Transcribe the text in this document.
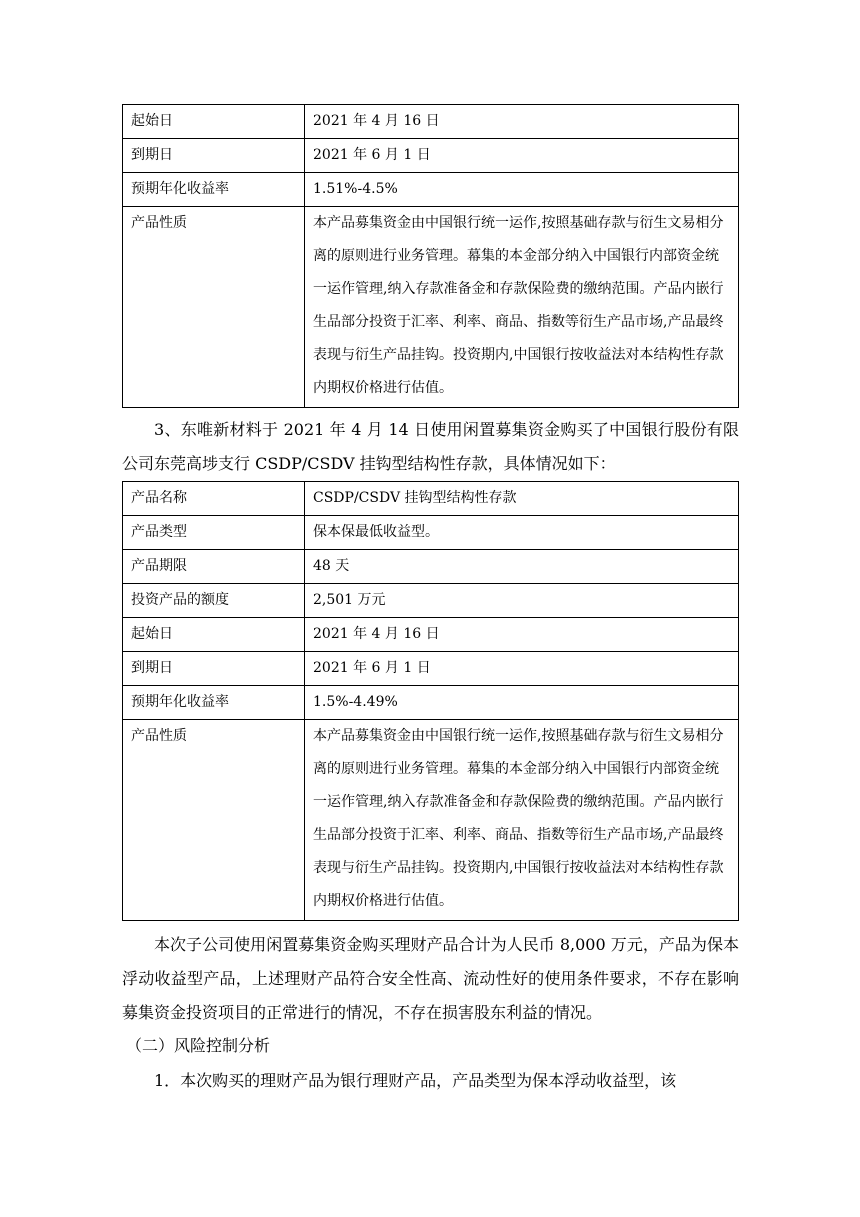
起始日	2021 年 4 月 16 日
到期日	2021 年 6 月 1 日
预期年化收益率	1.51%-4.5%
产品性质	本产品募集资金由中国银行统一运作,按照基础存款与衍生文易相分离的原则进行业务管理。幕集的本金部分纳入中国银行内部资金统一运作管理,纳入存款准备金和存款保险费的缴纳范围。产品内嵌行生品部分投资于汇率、利率、商品、指数等衍生产品市场,产品最终表现与衍生产品挂钩。投资期内,中国银行按收益法对本结构性存款内期权价格进行估值。
3、东唯新材料于 2021 年 4 月 14 日使用闲置募集资金购买了中国银行股份有限公司东莞高埗支行 CSDP/CSDV 挂钩型结构性存款，具体情况如下：
产品名称	CSDP/CSDV 挂钩型结构性存款
产品类型	保本保最低收益型。
产品期限	48 天
投资产品的额度	2,501 万元
起始日	2021 年 4 月 16 日
到期日	2021 年 6 月 1 日
预期年化收益率	1.5%-4.49%
产品性质	本产品募集资金由中国银行统一运作,按照基础存款与衍生文易相分离的原则进行业务管理。幕集的本金部分纳入中国银行内部资金统一运作管理,纳入存款准备金和存款保险费的缴纳范围。产品内嵌行生品部分投资于汇率、利率、商品、指数等衍生产品市场,产品最终表现与衍生产品挂钩。投资期内,中国银行按收益法对本结构性存款内期权价格进行估值。
本次子公司使用闲置募集资金购买理财产品合计为人民币 8,000 万元，产品为保本浮动收益型产品，上述理财产品符合安全性高、流动性好的使用条件要求，不存在影响募集资金投资项目的正常进行的情况，不存在损害股东利益的情况。
（二）风险控制分析
1．本次购买的理财产品为银行理财产品，产品类型为保本浮动收益型，该
